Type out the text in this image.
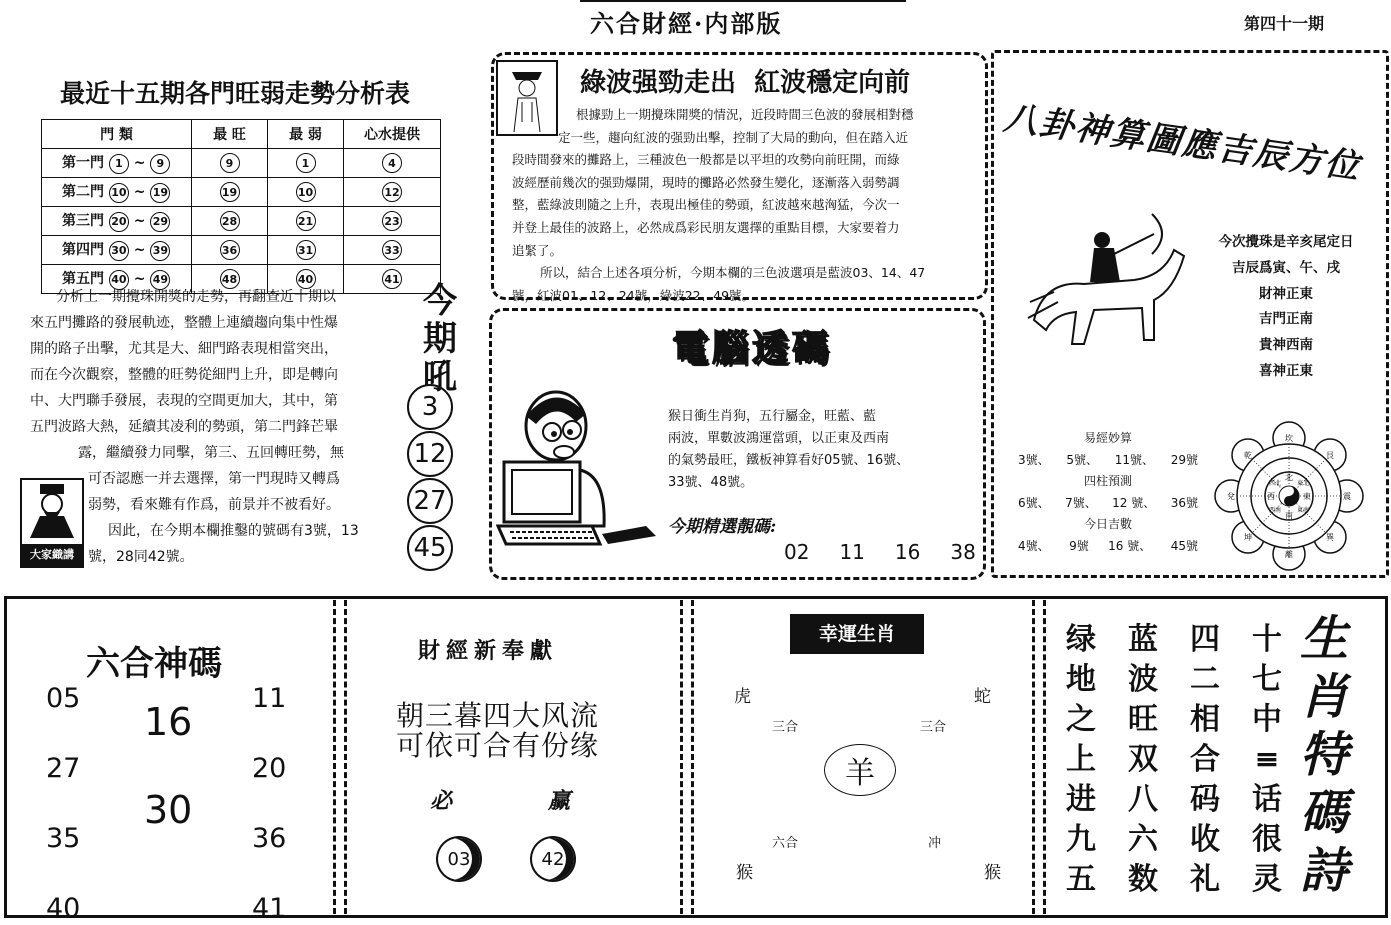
六合財經·内部版	第四十一期
最近十五期各門旺弱走勢分析表
門 類	最 旺	最 弱	心水提供
第一門 1 ~ 9	9	1	4
第二門 10 ~ 19	19	10	12
第三門 20 ~ 29	28	21	23
第四門 30 ~ 39	36	31	33
第五門 40 ~ 49	48	40	41
分析上一期攪珠開獎的走勢，再翻查近十期以
來五門攤路的發展軌迹，整體上連續趨向集中性爆
開的路子出擊，尤其是大、細門路表現相當突出，
而在今次觀察，整體的旺勢從細門上升，即是轉向
中、大門聯手發展，表現的空間更加大，其中，第
五門波路大熱，延續其凌利的勢頭，第二門鋒芒畢
露，繼續發力同擊，第三、五回轉旺勢，無
可否認應一并去選擇，第一門現時又轉爲
弱勢，看來難有作爲，前景并不被看好。
因此，在今期本欄推鑿的號碼有3號，13
號，28同42號。
大家織講
今
期
吼
3
12
27
45
綠波强勁走出  紅波穩定向前
根據勁上一期攪珠開獎的情況，近段時間三色波的發展相對穩
定一些，趨向紅波的强勁出擊，控制了大局的動向，但在踏入近
段時間發來的攤路上，三種波色一般都是以平坦的攻勢向前旺開，而綠
波經歷前幾次的强勁爆開，現時的攤路必然發生變化，逐漸落入弱勢調
整，藍綠波則隨之上升，表現出極佳的勢頭，紅波越來越洶猛，今次一
并登上最佳的波路上，必然成爲彩民朋友選擇的重點目標，大家要着力
追緊了。
所以，結合上述各項分析，今期本欄的三色波選項是藍波03、14、47
號，紅波01、12、24號，綠波22、49號。
電腦透碼
猴日衝生肖狗，五行屬金，旺藍、藍
兩波，單數波鴻運當頭，以正東及西南
的氣勢最旺，鐵板神算看好05號、16號、
33號、48號。
今期精選靚碼:
02 11 16 38
八卦神算圖應吉辰方位
今次攪珠是辛亥尾定日
吉辰爲寅、午、戌
財神正東
吉門正南
貴神西南
喜神正東
易經妙算
3號、 5號、 11號、 29號
四柱預測
6號、 7號、 12 號、 36號
今日吉數
4號、 9號 16 號、 45號
坎
艮
震
巽
離
坤
兌
乾
北
東
南
西
東北
西北
東南
西南
六合神碼
05
27
35
40
11
20
36
41
16
30
財經新奉獻
朝三暮四大风流
可依可合有份缘
必	赢
03	42
幸運生肖
虎	蛇
三合	三合
羊
六合	冲
猴	猴
绿
地
之
上
进
九
五
蓝
波
旺
双
八
六
数
四
二
相
合
码
收
礼
十
七
中
≡
话
很
灵
生
肖
特
碼
詩
